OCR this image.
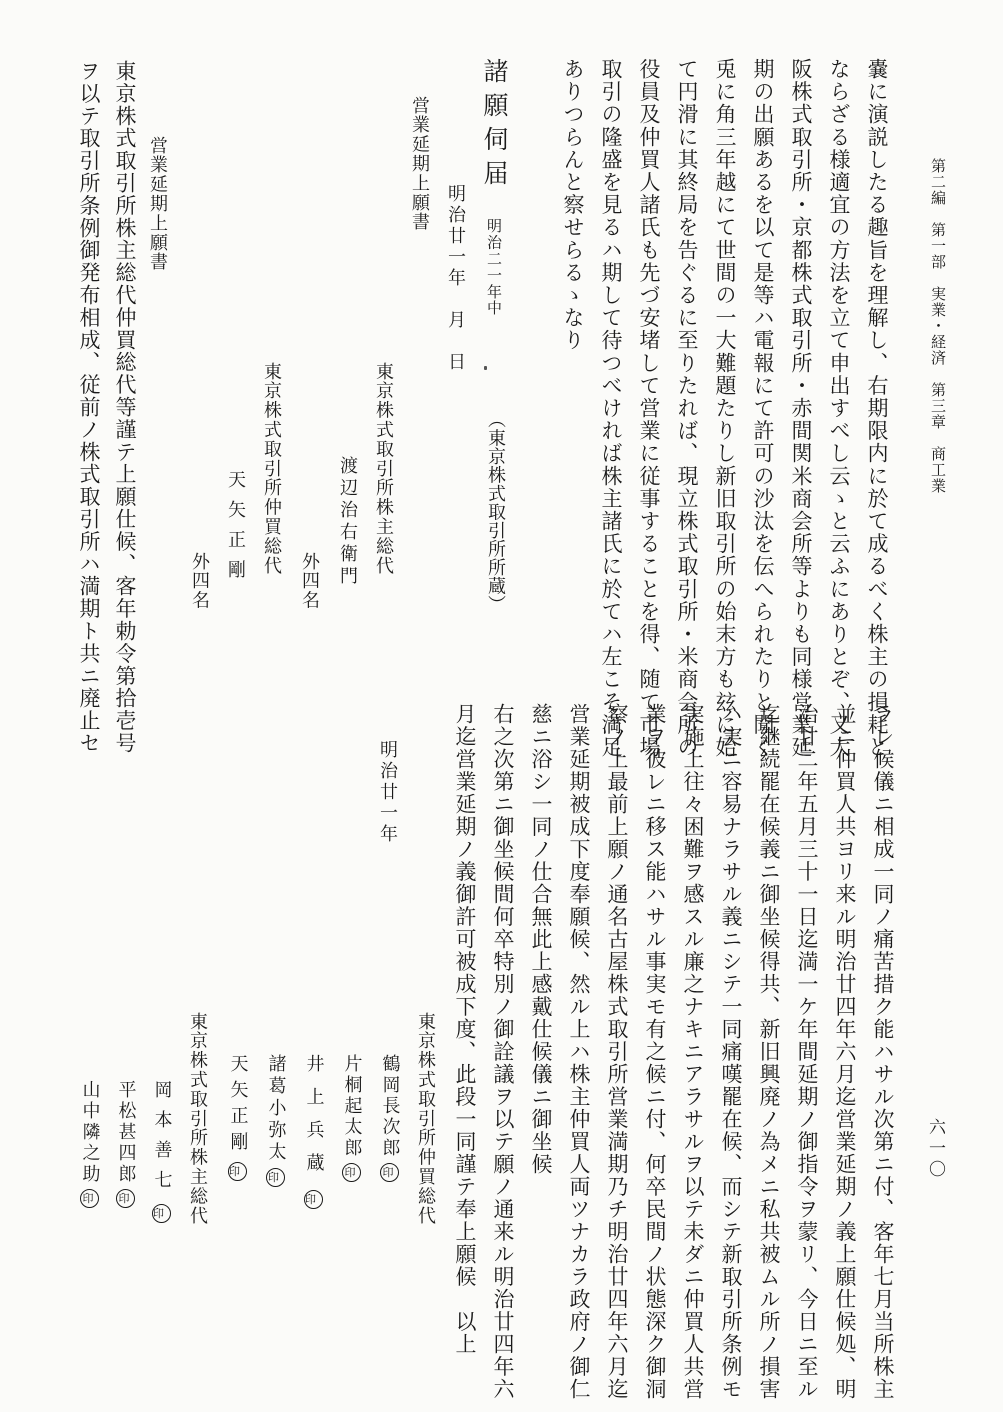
第二編　第一部　実業・経済　第三章　商工業
六一〇
嚢に演説したる趣旨を理解し、右期限内に於て成るべく株主の損耗と
ならざる様適宜の方法を立て申出すべし云ゝと云ふにありとぞ、又大
阪株式取引所・京都株式取引所・赤間関米商会所等よりも同様営業延
期の出願あるを以て是等ハ電報にて許可の沙汰を伝へられたりと聞く
兎に角三年越にて世間の一大難題たりし新旧取引所の始末方も玆に始
て円滑に其終局を告ぐるに至りたれば、現立株式取引所・米商会所の
役員及仲買人諸氏も先づ安堵して営業に従事することを得、随て市場
取引の隆盛を見るハ期して待つべければ株主諸氏に於てハ左こそ満足
ありつらんと察せらるゝなり
諸願伺届
明治二一年中
（東京株式取引所所蔵）
営業延期上願書
明治廿一年　月　日
東京株式取引所株主総代
渡辺治右衛門
外四名
東京株式取引所仲買総代
天矢正剛
外四名
営業延期上願書
東京株式取引所株主総代仲買総代等謹テ上願仕候、客年勅令第拾壱号
ヲ以テ取引所条例御発布相成、従前ノ株式取引所ハ満期ト共ニ廃止セ
ラレ候儀ニ相成一同ノ痛苦措ク能ハサル次第ニ付、客年七月当所株主
並ニ仲買人共ヨリ来ル明治廿四年六月迄営業延期ノ義上願仕候処、明
治廿二年五月三十一日迄満一ケ年間延期ノ御指令ヲ蒙リ、今日ニ至ル
迄継続罷在候義ニ御坐候得共、新旧興廃ノ為メニ私共被ムル所ノ損害
ハ実ニ容易ナラサル義ニシテ一同痛嘆罷在候、而シテ新取引所条例モ
実施上往々困難ヲ感スル廉之ナキニアラサルヲ以テ未ダニ仲買人共営
業ヲ彼レニ移ス能ハサル事実モ有之候ニ付、何卒民間ノ状態深ク御洞
察ノ上最前上願ノ通名古屋株式取引所営業満期乃チ明治廿四年六月迄
営業延期被成下度奉願候、然ル上ハ株主仲買人両ツナカラ政府ノ御仁
慈ニ浴シ一同ノ仕合無此上感戴仕候儀ニ御坐候
右之次第ニ御坐候間何卒特別ノ御詮議ヲ以テ願ノ通来ル明治廿四年六
月迄営業延期ノ義御許可被成下度、此段一同謹テ奉上願候　以上
明治廿一年
東京株式取引所仲買総代
鶴岡長次郎印
片桐起太郎印
井上兵蔵印
諸葛小弥太印
天矢正剛印
東京株式取引所株主総代
岡本善七印
平松甚四郎印
山中隣之助印
